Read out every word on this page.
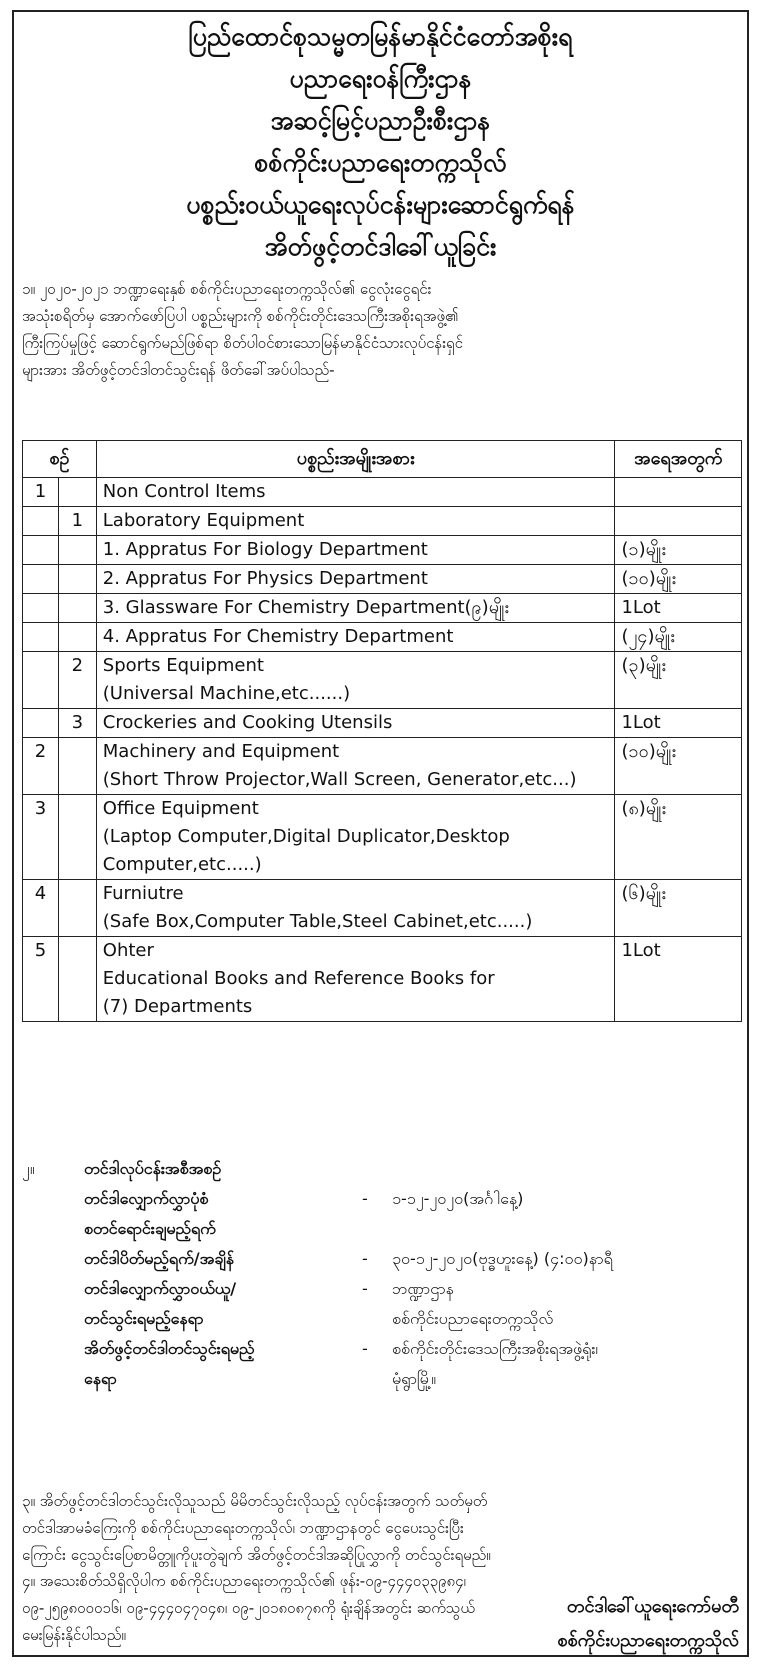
ပြည်ထောင်စုသမ္မတမြန်မာနိုင်ငံတော်အစိုးရ
ပညာရေးဝန်ကြီးဌာန
အဆင့်မြင့်ပညာဦးစီးဌာန
စစ်ကိုင်းပညာရေးတက္ကသိုလ်
ပစ္စည်းဝယ်ယူရေးလုပ်ငန်းများဆောင်ရွက်ရန်
အိတ်ဖွင့်တင်ဒါခေါ်ယူခြင်း
၁။ ၂၀၂၀-၂၀၂၁ ဘဏ္ဍာရေးနှစ် စစ်ကိုင်းပညာရေးတက္ကသိုလ်၏ ငွေလုံးငွေရင်း
အသုံးစရိတ်မှ အောက်ဖော်ပြပါ ပစ္စည်းများကို စစ်ကိုင်းတိုင်းဒေသကြီးအစိုးရအဖွဲ့၏
ကြီးကြပ်မှုဖြင့် ဆောင်ရွက်မည်ဖြစ်ရာ စိတ်ပါဝင်စားသောမြန်မာနိုင်ငံသားလုပ်ငန်းရှင်
များအား အိတ်ဖွင့်တင်ဒါတင်သွင်းရန် ဖိတ်ခေါ်အပ်ပါသည်-
စဉ်		ပစ္စည်းအမျိုးအစား	အရေအတွက်
1		Non Control Items	

	1	Laboratory Equipment	

		1. Appratus For Biology Department	(၁)မျိုး

		2. Appratus For Physics Department	(၁၀)မျိုး

		3. Glassware For Chemistry Department(၉)မျိုး	1Lot

		4. Appratus For Chemistry Department	(၂၄)မျိုး
	2	Sports Equipment
(Universal Machine,etc......)	(၃)မျိုး
	3	Crockeries and Cooking Utensils	1Lot
2		Machinery and Equipment
(Short Throw Projector,Wall Screen, Generator,etc...)	(၁၀)မျိုး
3		Office Equipment
(Laptop Computer,Digital Duplicator,Desktop
Computer,etc.....)	(၈)မျိုး
4		Furniutre
(Safe Box,Computer Table,Steel Cabinet,etc.....)	(၆)မျိုး
5		Ohter
Educational Books and Reference Books for
(7) Departments	1Lot
၂။	တင်ဒါလုပ်ငန်းအစီအစဉ်
တင်ဒါလျှောက်လွှာပုံစံ
စတင်ရောင်းချမည့်ရက်
-	၁-၁၂-၂၀၂၀(အင်္ဂါနေ့)
တင်ဒါပိတ်မည့်ရက်/အချိန်	-	၃၀-၁၂-၂၀၂၀(ဗုဒ္ဓဟူးနေ့) (၄:၀၀)နာရီ
တင်ဒါလျှောက်လွှာဝယ်ယူ/
တင်သွင်းရမည့်နေရာ
-	ဘဏ္ဍာဌာန
စစ်ကိုင်းပညာရေးတက္ကသိုလ်
အိတ်ဖွင့်တင်ဒါတင်သွင်းရမည့်
နေရာ
-	စစ်ကိုင်းတိုင်းဒေသကြီးအစိုးရအဖွဲ့ရုံး၊
မုံရွာမြို့။
၃။ အိတ်ဖွင့်တင်ဒါတင်သွင်းလိုသူသည် မိမိတင်သွင်းလိုသည့် လုပ်ငန်းအတွက် သတ်မှတ်
တင်ဒါအာမခံကြေးကို စစ်ကိုင်းပညာရေးတက္ကသိုလ်၊ ဘဏ္ဍာဌာနတွင် ငွေပေးသွင်းပြီး
ကြောင်း ငွေသွင်းပြေစာမိတ္တူကိုပူးတွဲချက် အိတ်ဖွင့်တင်ဒါအဆိုပြုလွှာကို တင်သွင်းရမည်။
၄။ အသေးစိတ်သိရှိလိုပါက စစ်ကိုင်းပညာရေးတက္ကသိုလ်၏ ဖုန်း-၀၉-၄၄၄၀၃၃၉၈၄၊
၀၉-၂၅၉၈၀၀၀၁၆၊ ၀၉-၄၄၄၀၄၇၀၄၈၊ ၀၉-၂၀၁၈၀၈၇၈ကို ရုံးချိန်အတွင်း ဆက်သွယ်
မေးမြန်းနိုင်ပါသည်။
တင်ဒါခေါ်ယူရေးကော်မတီ
စစ်ကိုင်းပညာရေးတက္ကသိုလ်
